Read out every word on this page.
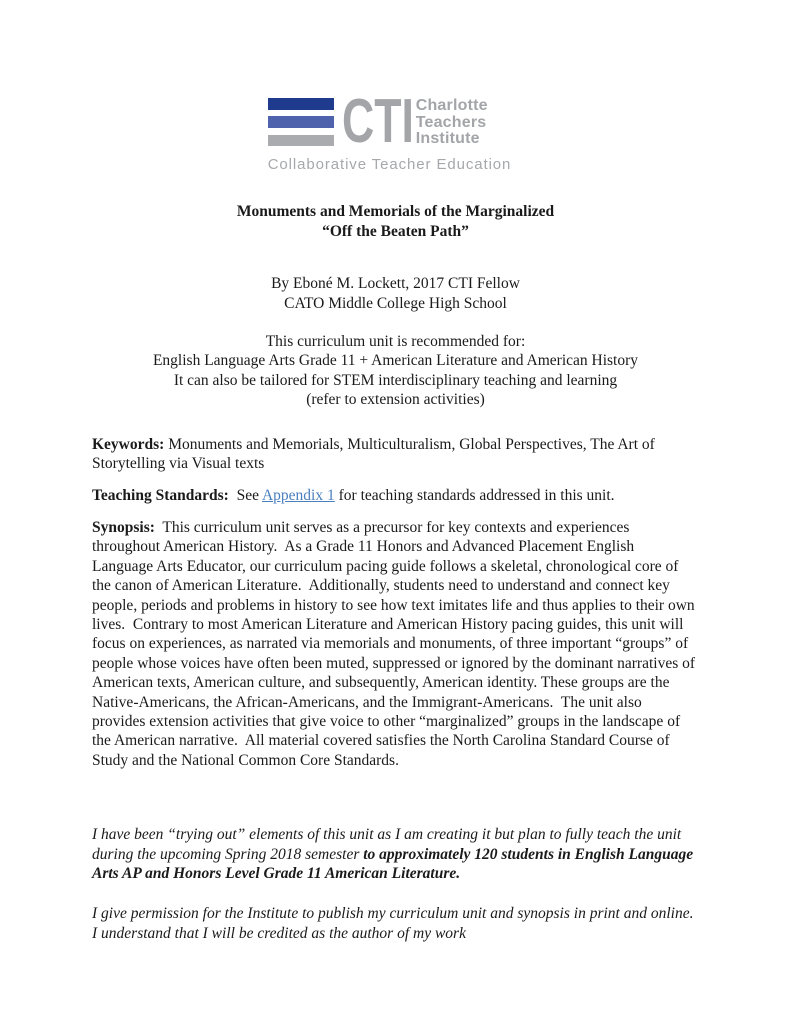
CTI Charlotte
Teachers
Institute
Collaborative Teacher Education
Monuments and Memorials of the Marginalized
“Off the Beaten Path”
By Eboné M. Lockett, 2017 CTI Fellow
CATO Middle College High School
This curriculum unit is recommended for:
English Language Arts Grade 11 + American Literature and American History
It can also be tailored for STEM interdisciplinary teaching and learning
(refer to extension activities)

Keywords: Monuments and Memorials, Multiculturalism, Global Perspectives, The Art of Storytelling via Visual texts

Teaching Standards:  See Appendix 1 for teaching standards addressed in this unit.

Synopsis:  This curriculum unit serves as a precursor for key contexts and experiences throughout American History.  As a Grade 11 Honors and Advanced Placement English Language Arts Educator, our curriculum pacing guide follows a skeletal, chronological core of the canon of American Literature.  Additionally, students need to understand and connect key people, periods and problems in history to see how text imitates life and thus applies to their own lives.  Contrary to most American Literature and American History pacing guides, this unit will focus on experiences, as narrated via memorials and monuments, of three important “groups” of people whose voices have often been muted, suppressed or ignored by the dominant narratives of American texts, American culture, and subsequently, American identity. These groups are the Native-Americans, the African-Americans, and the Immigrant-Americans.  The unit also provides extension activities that give voice to other “marginalized” groups in the landscape of the American narrative.  All material covered satisfies the North Carolina Standard Course of Study and the National Common Core Standards.

I have been “trying out” elements of this unit as I am creating it but plan to fully teach the unit during the upcoming Spring 2018 semester to approximately 120 students in English Language Arts AP and Honors Level Grade 11 American Literature.

I give permission for the Institute to publish my curriculum unit and synopsis in print and online. I understand that I will be credited as the author of my work
